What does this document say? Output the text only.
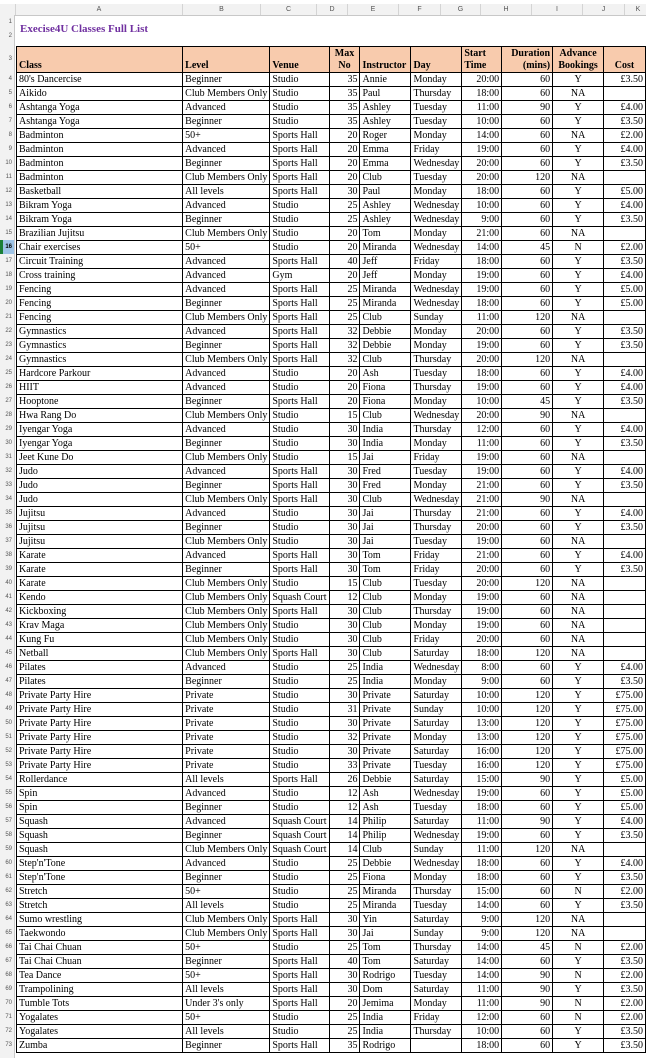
A	B	C	D	E	F	G	H	I	J	K
1
2
3
4
5
6
7
8
9
10
11
12
13
14
15
16
17
18
19
20
21
22
23
24
25
26
27
28
29
30
31
32
33
34
35
36
37
38
39
40
41
42
43
44
45
46
47
48
49
50
51
52
53
54
55
56
57
58
59
60
61
62
63
64
65
66
67
68
69
70
71
72
73
Execise4U Classes Full List
Class	Level	Venue	Max No	Instructor	Day	Start Time	Duration (mins)	Advance Bookings	Cost
80's Dancercise	Beginner	Studio	35	Annie	Monday	20:00	60	Y	£3.50
Aikido	Club Members Only	Studio	35	Paul	Thursday	18:00	60	NA	
Ashtanga Yoga	Advanced	Studio	35	Ashley	Tuesday	11:00	90	Y	£4.00
Ashtanga Yoga	Beginner	Studio	35	Ashley	Tuesday	10:00	60	Y	£3.50
Badminton	50+	Sports Hall	20	Roger	Monday	14:00	60	NA	£2.00
Badminton	Advanced	Sports Hall	20	Emma	Friday	19:00	60	Y	£4.00
Badminton	Beginner	Sports Hall	20	Emma	Wednesday	20:00	60	Y	£3.50
Badminton	Club Members Only	Sports Hall	20	Club	Tuesday	20:00	120	NA	
Basketball	All levels	Sports Hall	30	Paul	Monday	18:00	60	Y	£5.00
Bikram Yoga	Advanced	Studio	25	Ashley	Wednesday	10:00	60	Y	£4.00
Bikram Yoga	Beginner	Studio	25	Ashley	Wednesday	9:00	60	Y	£3.50
Brazilian Jujitsu	Club Members Only	Studio	20	Tom	Monday	21:00	60	NA	
Chair exercises	50+	Studio	20	Miranda	Wednesday	14:00	45	N	£2.00
Circuit Training	Advanced	Sports Hall	40	Jeff	Friday	18:00	60	Y	£3.50
Cross training	Advanced	Gym	20	Jeff	Monday	19:00	60	Y	£4.00
Fencing	Advanced	Sports Hall	25	Miranda	Wednesday	19:00	60	Y	£5.00
Fencing	Beginner	Sports Hall	25	Miranda	Wednesday	18:00	60	Y	£5.00
Fencing	Club Members Only	Sports Hall	25	Club	Sunday	11:00	120	NA	
Gymnastics	Advanced	Sports Hall	32	Debbie	Monday	20:00	60	Y	£3.50
Gymnastics	Beginner	Sports Hall	32	Debbie	Monday	19:00	60	Y	£3.50
Gymnastics	Club Members Only	Sports Hall	32	Club	Thursday	20:00	120	NA	
Hardcore Parkour	Advanced	Studio	20	Ash	Tuesday	18:00	60	Y	£4.00
HIIT	Advanced	Studio	20	Fiona	Thursday	19:00	60	Y	£4.00
Hooptone	Beginner	Sports Hall	20	Fiona	Monday	10:00	45	Y	£3.50
Hwa Rang Do	Club Members Only	Studio	15	Club	Wednesday	20:00	90	NA	
Iyengar Yoga	Advanced	Studio	30	India	Thursday	12:00	60	Y	£4.00
Iyengar Yoga	Beginner	Studio	30	India	Monday	11:00	60	Y	£3.50
Jeet Kune Do	Club Members Only	Studio	15	Jai	Friday	19:00	60	NA	
Judo	Advanced	Sports Hall	30	Fred	Tuesday	19:00	60	Y	£4.00
Judo	Beginner	Sports Hall	30	Fred	Monday	21:00	60	Y	£3.50
Judo	Club Members Only	Sports Hall	30	Club	Wednesday	21:00	90	NA	
Jujitsu	Advanced	Studio	30	Jai	Thursday	21:00	60	Y	£4.00
Jujitsu	Beginner	Studio	30	Jai	Thursday	20:00	60	Y	£3.50
Jujitsu	Club Members Only	Studio	30	Jai	Tuesday	19:00	60	NA	
Karate	Advanced	Sports Hall	30	Tom	Friday	21:00	60	Y	£4.00
Karate	Beginner	Sports Hall	30	Tom	Friday	20:00	60	Y	£3.50
Karate	Club Members Only	Studio	15	Club	Tuesday	20:00	120	NA	
Kendo	Club Members Only	Squash Court	12	Club	Monday	19:00	60	NA	
Kickboxing	Club Members Only	Sports Hall	30	Club	Thursday	19:00	60	NA	
Krav Maga	Club Members Only	Studio	30	Club	Monday	19:00	60	NA	
Kung Fu	Club Members Only	Studio	30	Club	Friday	20:00	60	NA	
Netball	Club Members Only	Sports Hall	30	Club	Saturday	18:00	120	NA	
Pilates	Advanced	Studio	25	India	Wednesday	8:00	60	Y	£4.00
Pilates	Beginner	Studio	25	India	Monday	9:00	60	Y	£3.50
Private Party Hire	Private	Studio	30	Private	Saturday	10:00	120	Y	£75.00
Private Party Hire	Private	Studio	31	Private	Sunday	10:00	120	Y	£75.00
Private Party Hire	Private	Studio	30	Private	Saturday	13:00	120	Y	£75.00
Private Party Hire	Private	Studio	32	Private	Monday	13:00	120	Y	£75.00
Private Party Hire	Private	Studio	30	Private	Saturday	16:00	120	Y	£75.00
Private Party Hire	Private	Studio	33	Private	Tuesday	16:00	120	Y	£75.00
Rollerdance	All levels	Sports Hall	26	Debbie	Saturday	15:00	90	Y	£5.00
Spin	Advanced	Studio	12	Ash	Wednesday	19:00	60	Y	£5.00
Spin	Beginner	Studio	12	Ash	Tuesday	18:00	60	Y	£5.00
Squash	Advanced	Squash Court	14	Philip	Saturday	11:00	90	Y	£4.00
Squash	Beginner	Squash Court	14	Philip	Wednesday	19:00	60	Y	£3.50
Squash	Club Members Only	Squash Court	14	Club	Sunday	11:00	120	NA	
Step'n'Tone	Advanced	Studio	25	Debbie	Wednesday	18:00	60	Y	£4.00
Step'n'Tone	Beginner	Studio	25	Fiona	Monday	18:00	60	Y	£3.50
Stretch	50+	Studio	25	Miranda	Thursday	15:00	60	N	£2.00
Stretch	All levels	Studio	25	Miranda	Tuesday	14:00	60	Y	£3.50
Sumo wrestling	Club Members Only	Sports Hall	30	Yin	Saturday	9:00	120	NA	
Taekwondo	Club Members Only	Sports Hall	30	Jai	Sunday	9:00	120	NA	
Tai Chai Chuan	50+	Studio	25	Tom	Thursday	14:00	45	N	£2.00
Tai Chai Chuan	Beginner	Sports Hall	40	Tom	Saturday	14:00	60	Y	£3.50
Tea Dance	50+	Sports Hall	30	Rodrigo	Tuesday	14:00	90	N	£2.00
Trampolining	All levels	Sports Hall	30	Dom	Saturday	11:00	90	Y	£3.50
Tumble Tots	Under 3's only	Sports Hall	20	Jemima	Monday	11:00	90	N	£2.00
Yogalates	50+	Studio	25	India	Friday	12:00	60	N	£2.00
Yogalates	All levels	Studio	25	India	Thursday	10:00	60	Y	£3.50
Zumba	Beginner	Sports Hall	35	Rodrigo		18:00	60	Y	£3.50
